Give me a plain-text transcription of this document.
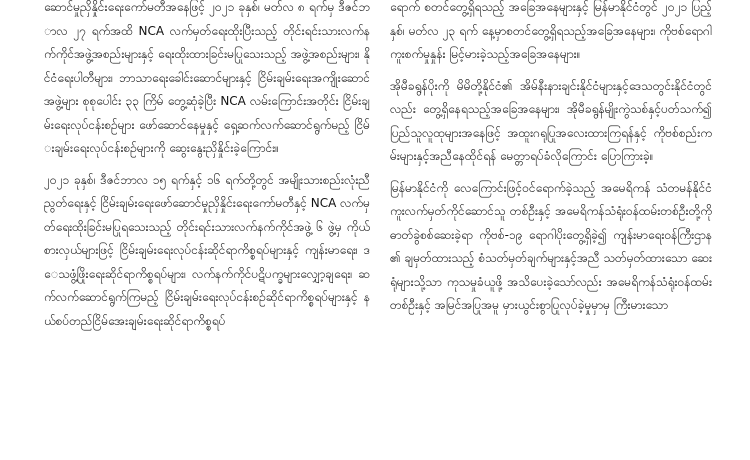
ဆောင်မှုညှိနှိုင်းရေးကော်မတီအနေဖြင့် ၂၀၂၁ ခုနှစ်၊ မတ်လ ၈ ရက်မှ ဒီဇင်ဘာလ ၂၇ ရက်အထိ NCA လက်မှတ်ရေးထိုးပြီးသည့် တိုင်းရင်းသားလက်နက်ကိုင်အဖွဲ့အစည်းများနှင့် ရေးထိုးထားခြင်းမပြုသေးသည့် အဖွဲ့အစည်းများ၊ နိုင်ငံရေးပါတီများ၊ ဘာသာရေးခေါင်းဆောင်များနှင့် ငြိမ်းချမ်းရေးအကျိုးဆောင်အဖွဲ့များ စုစုပေါင်း ၃၃ ကြိမ် တွေ့ဆုံခဲ့ပြီး NCA လမ်းကြောင်းအတိုင်း ငြိမ်းချမ်းရေးလုပ်ငန်းစဉ်များ ဖော်ဆောင်နေမှုနှင့် ရှေ့ဆက်လက်ဆောင်ရွက်မည့် ငြိမ်းချမ်းရေးလုပ်ငန်းစဉ်များကို ဆွေးနွေးညှိနှိုင်းခဲ့ကြောင်း။

၂၀၂၁ ခုနှစ်၊ ဒီဇင်ဘာလ ၁၅ ရက်နှင့် ၁၆ ရက်တို့တွင် အမျိုးသားစည်းလုံးညီညွတ်ရေးနှင့် ငြိမ်းချမ်းရေးဖော်ဆောင်မှုညှိနှိုင်းရေးကော်မတီနှင့် NCA လက်မှတ်ရေးထိုးခြင်းမပြုရသေးသည့် တိုင်းရင်းသားလက်နက်ကိုင်အဖွဲ့ ၆ ဖွဲ့မှ ကိုယ်စားလှယ်များဖြင့် ငြိမ်းချမ်းရေးလုပ်ငန်းဆိုင်ရာကိစ္စရပ်များနှင့် ကျန်းမာရေး၊ ဒေသဖွံ့ဖြိုးရေးဆိုင်ရာကိစ္စရပ်များ၊ လက်နက်ကိုင်ပဋိပက္ခများလျှော့ချရေး၊ ဆက်လက်ဆောင်ရွက်ကြမည့် ငြိမ်းချမ်းရေးလုပ်ငန်းစဉ်ဆိုင်ရာကိစ္စရပ်များနှင့် နယ်စပ်တည်ငြိမ်အေးချမ်းရေးဆိုင်ရာကိစ္စရပ်

ရောက် စတင်တွေ့ရှိရသည့် အခြေအနေများနှင့် မြန်မာနိုင်ငံတွင် ၂၀၂၁ ပြည့်နှစ်၊ မတ်လ ၂၃ ရက် နေ့မှာစတင်တွေ့ရှိရသည့်အခြေအနေများ၊ ကိုဗစ်ရောဂါကူးစက်မှုနှုန်း မြင့်မားခဲ့သည့်အခြေအနေများ။

အိုမီခရွန်ပိုးကို မိမိတို့နိုင်ငံ၏ အိမ်နီးနားချင်းနိုင်ငံများနှင့်ဒေသတွင်းနိုင်ငံတွင်လည်း တွေ့ရှိနေရသည့်အခြေအနေများ၊ အိုမီခရွန်မျိုးကွဲသစ်နှင့်ပတ်သက်၍ ပြည်သူလူထုများအနေဖြင့် အထူးဂရုပြုအလေးထားကြရန်နှင့် ကိုဗစ်စည်းကမ်းများနှင့်အညီနေထိုင်ရန် မေတ္တာရပ်ခံလိုကြောင်း ပြောကြားခဲ့။

မြန်မာနိုင်ငံကို လေကြောင်းဖြင့်ဝင်ရောက်ခဲ့သည့် အမေရိကန် သံတမန်နိုင်ငံကူးလက်မှတ်ကိုင်ဆောင်သူ တစ်ဦးနှင့် အမေရိကန်သံရုံးဝန်ထမ်းတစ်ဦးတို့ကို ဓာတ်ခွဲစစ်ဆေးခဲ့ရာ ကိုဗစ်-၁၉ ရောဂါပိုးတွေ့ရှိခဲ့၍ ကျန်းမာရေးဝန်ကြီးဌာန၏ ချမှတ်ထားသည့် စံသတ်မှတ်ချက်များနှင့်အညီ သတ်မှတ်ထားသော ဆေးရုံများသို့သာ ကုသမှုခံယူဖို့ အသိပေးခဲ့သော်လည်း အမေရိကန်သံရုံးဝန်ထမ်းတစ်ဦးနှင့် အမြင်အပြုအမူ မှားယွင်းစွာပြုလုပ်ခဲ့မှုမှာမှ ကြီးမားသော
